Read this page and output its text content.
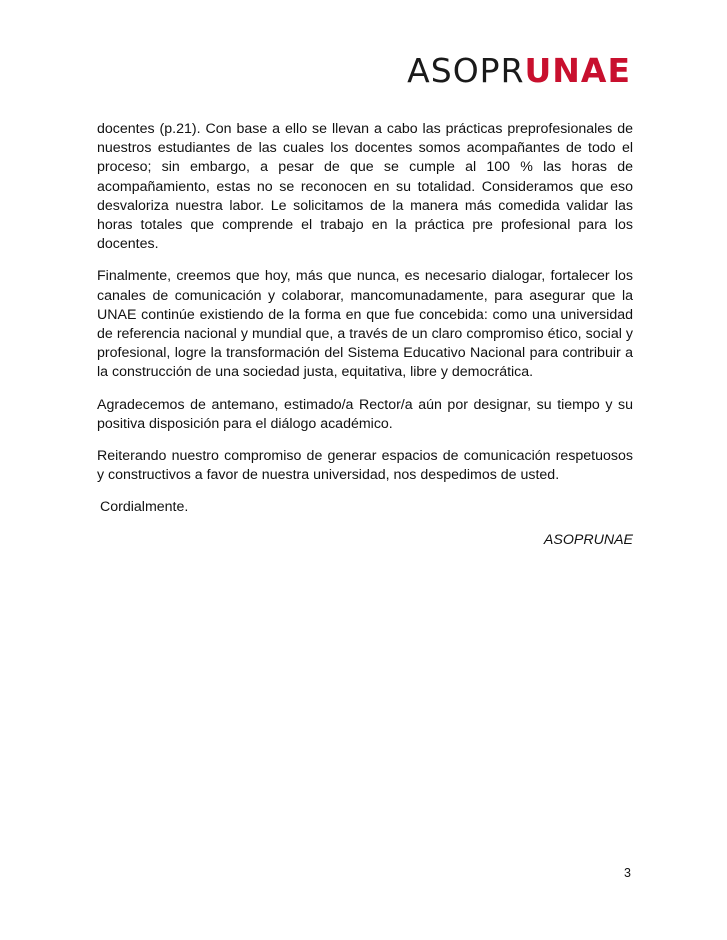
ASOPRUNAE

docentes (p.21). Con base a ello se llevan a cabo las prácticas preprofesionales de nuestros estudiantes de las cuales los docentes somos acompañantes de todo el proceso; sin embargo, a pesar de que se cumple al 100 % las horas de acompañamiento, estas no se reconocen en su totalidad. Consideramos que eso desvaloriza nuestra labor. Le solicitamos de la manera más comedida validar las horas totales que comprende el trabajo en la práctica pre profesional para los docentes.

Finalmente, creemos que hoy, más que nunca, es necesario dialogar, fortalecer los canales de comunicación y colaborar, mancomunadamente, para asegurar que la UNAE continúe existiendo de la forma en que fue concebida: como una universidad de referencia nacional y mundial que, a través de un claro compromiso ético, social y profesional, logre la transformación del Sistema Educativo Nacional para contribuir a la construcción de una sociedad justa, equitativa, libre y democrática.

Agradecemos de antemano, estimado/a Rector/a aún por designar, su tiempo y su positiva disposición para el diálogo académico.

Reiterando nuestro compromiso de generar espacios de comunicación respetuosos y constructivos a favor de nuestra universidad, nos despedimos de usted.

Cordialmente.

ASOPRUNAE

3
